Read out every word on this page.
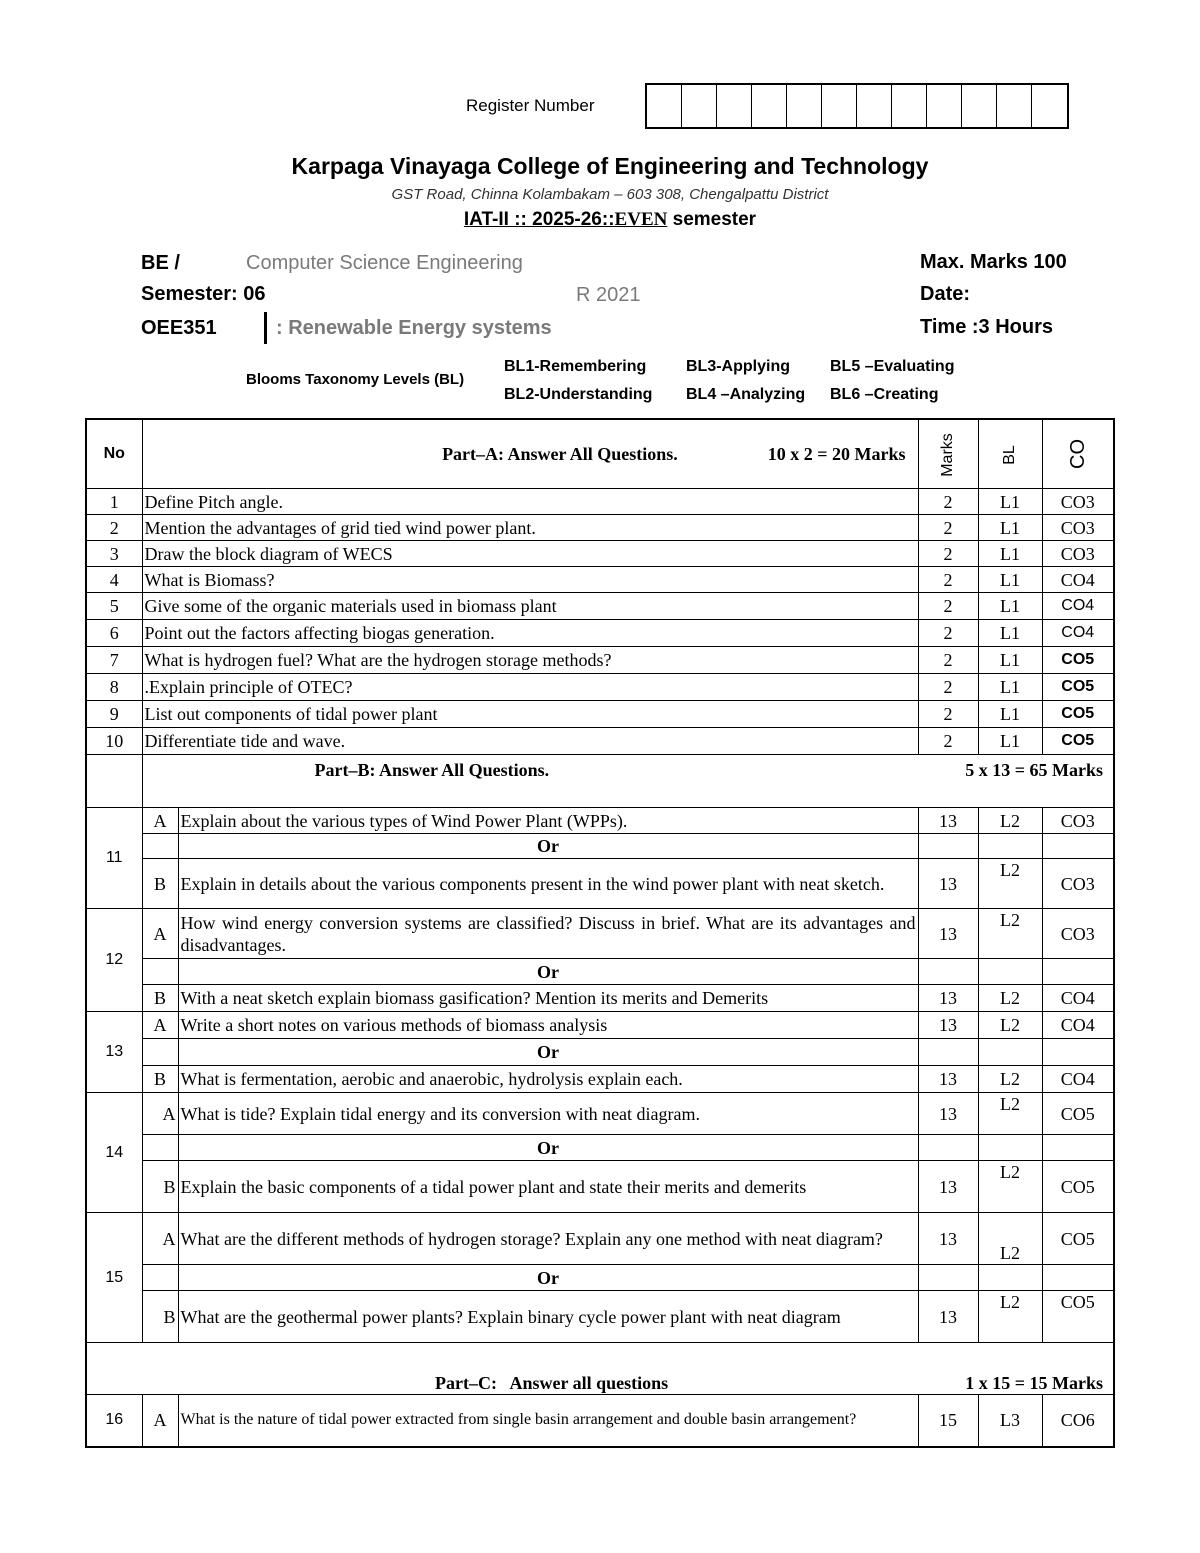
Register Number
Karpaga Vinayaga College of Engineering and Technology
GST Road, Chinna Kolambakam – 603 308, Chengalpattu District
IAT-II :: 2025-26::EVEN semester
BE /	Computer Science Engineering	Max. Marks 100
Semester: 06	R 2021	Date:
OEE351	: Renewable Energy systems	Time :3 Hours
Blooms Taxonomy Levels (BL)
BL1-Remembering
BL2-Understanding
BL3-Applying
BL4 –Analyzing
BL5 –Evaluating
BL6 –Creating
No	Part–A: Answer All Questions. 10 x 2 = 20 Marks		Marks	BL	CO
1	Define Pitch angle.		2	L1	CO3
2	Mention the advantages of grid tied wind power plant.		2	L1	CO3
3	Draw the block diagram of WECS		2	L1	CO3
4	What is Biomass?		2	L1	CO4
5	Give some of the organic materials used in biomass plant		2	L1	CO4
6	Point out the factors affecting biogas generation.		2	L1	CO4
7	What is hydrogen fuel? What are the hydrogen storage methods?		2	L1	CO5
8	.Explain principle of OTEC?		2	L1	CO5
9	List out components of tidal power plant		2	L1	CO5
10	Differentiate tide and wave.		2	L1	CO5

	Part–B: Answer All Questions. 5 x 13 = 65 Marks				

11	A	Explain about the various types of Wind Power Plant (WPPs).	13	L2	CO3
		Or			
	B	Explain in details about the various components present in the wind power plant with neat sketch.	13	L2	CO3
12	A	How wind energy conversion systems are classified? Discuss in brief. What are its advantages and disadvantages.	13	L2	CO3
		Or			
	B	With a neat sketch explain biomass gasification? Mention its merits and Demerits	13	L2	CO4
13	A	Write a short notes on various methods of biomass analysis	13	L2	CO4
		Or			
	B	What is fermentation, aerobic and anaerobic, hydrolysis explain each.	13	L2	CO4
14	A	What is tide? Explain tidal energy and its conversion with neat diagram.	13	L2	CO5
		Or			
	B	Explain the basic components of a tidal power plant and state their merits and demerits	13	L2	CO5
15	A	What are the different methods of hydrogen storage? Explain any one method with neat diagram?	13	L2	CO5
		Or			
	B	What are the geothermal power plants? Explain binary cycle power plant with neat diagram	13	L2	CO5

Part–C:   Answer all questions 1 x 15 = 15 Marks					

16	A	What is the nature of tidal power extracted from single basin arrangement and double basin arrangement?	15	L3	CO6
